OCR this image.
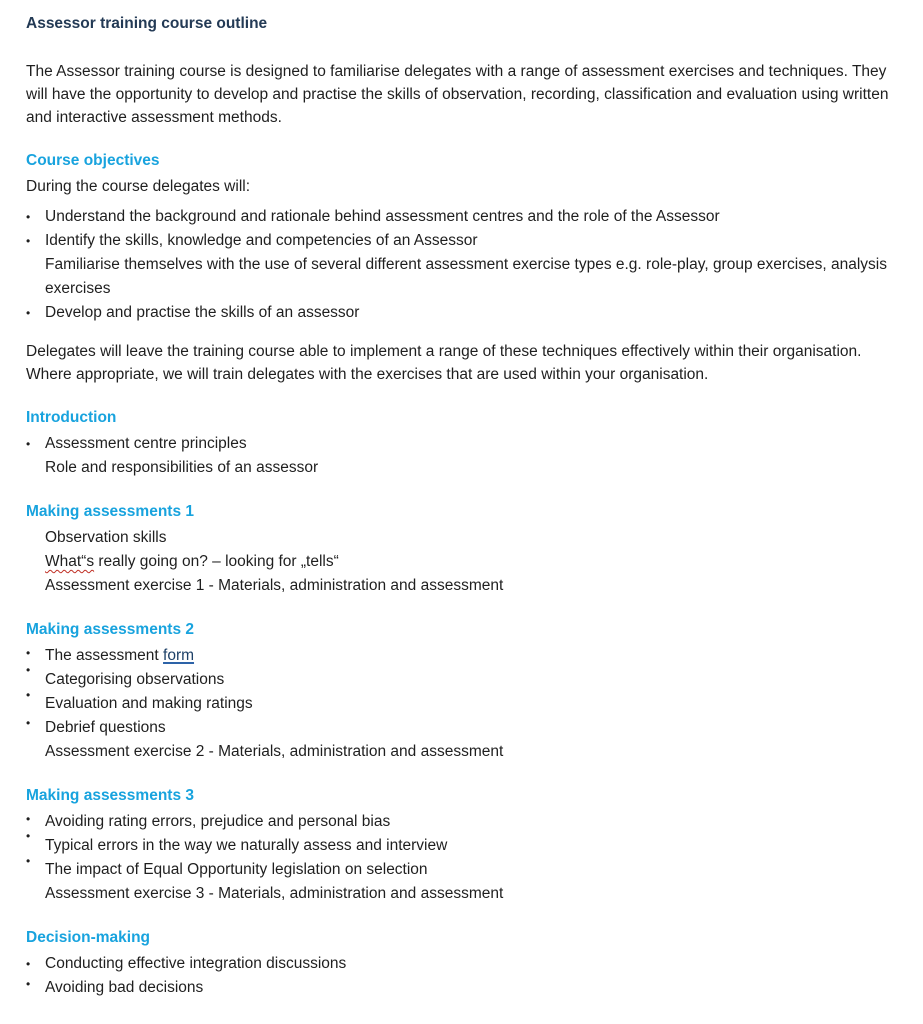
Assessor training course outline

The Assessor training course is designed to familiarise delegates with a range of assessment exercises and techniques. They will have the opportunity to develop and practise the skills of observation, recording, classification and evaluation using written and interactive assessment methods.

Course objectives

During the course delegates will:

• Understand the background and rationale behind assessment centres and the role of the Assessor
• Identify the skills, knowledge and competencies of an Assessor
Familiarise themselves with the use of several different assessment exercise types e.g. role-play, group exercises, analysis exercises
• Develop and practise the skills of an assessor

Delegates will leave the training course able to implement a range of these techniques effectively within their organisation. Where appropriate, we will train delegates with the exercises that are used within your organisation.

Introduction
• Assessment centre principles
Role and responsibilities of an assessor
Making assessments 1
Observation skills
What“s really going on? – looking for „tells“
Assessment exercise 1 - Materials, administration and assessment
Making assessments 2
• The assessment form
•
Categorising observations
• Evaluation and making ratings
• Debrief questions
Assessment exercise 2 - Materials, administration and assessment
Making assessments 3
• Avoiding rating errors, prejudice and personal bias
•
Typical errors in the way we naturally assess and interview
• The impact of Equal Opportunity legislation on selection
Assessment exercise 3 - Materials, administration and assessment
Decision-making
• Conducting effective integration discussions
• Avoiding bad decisions
